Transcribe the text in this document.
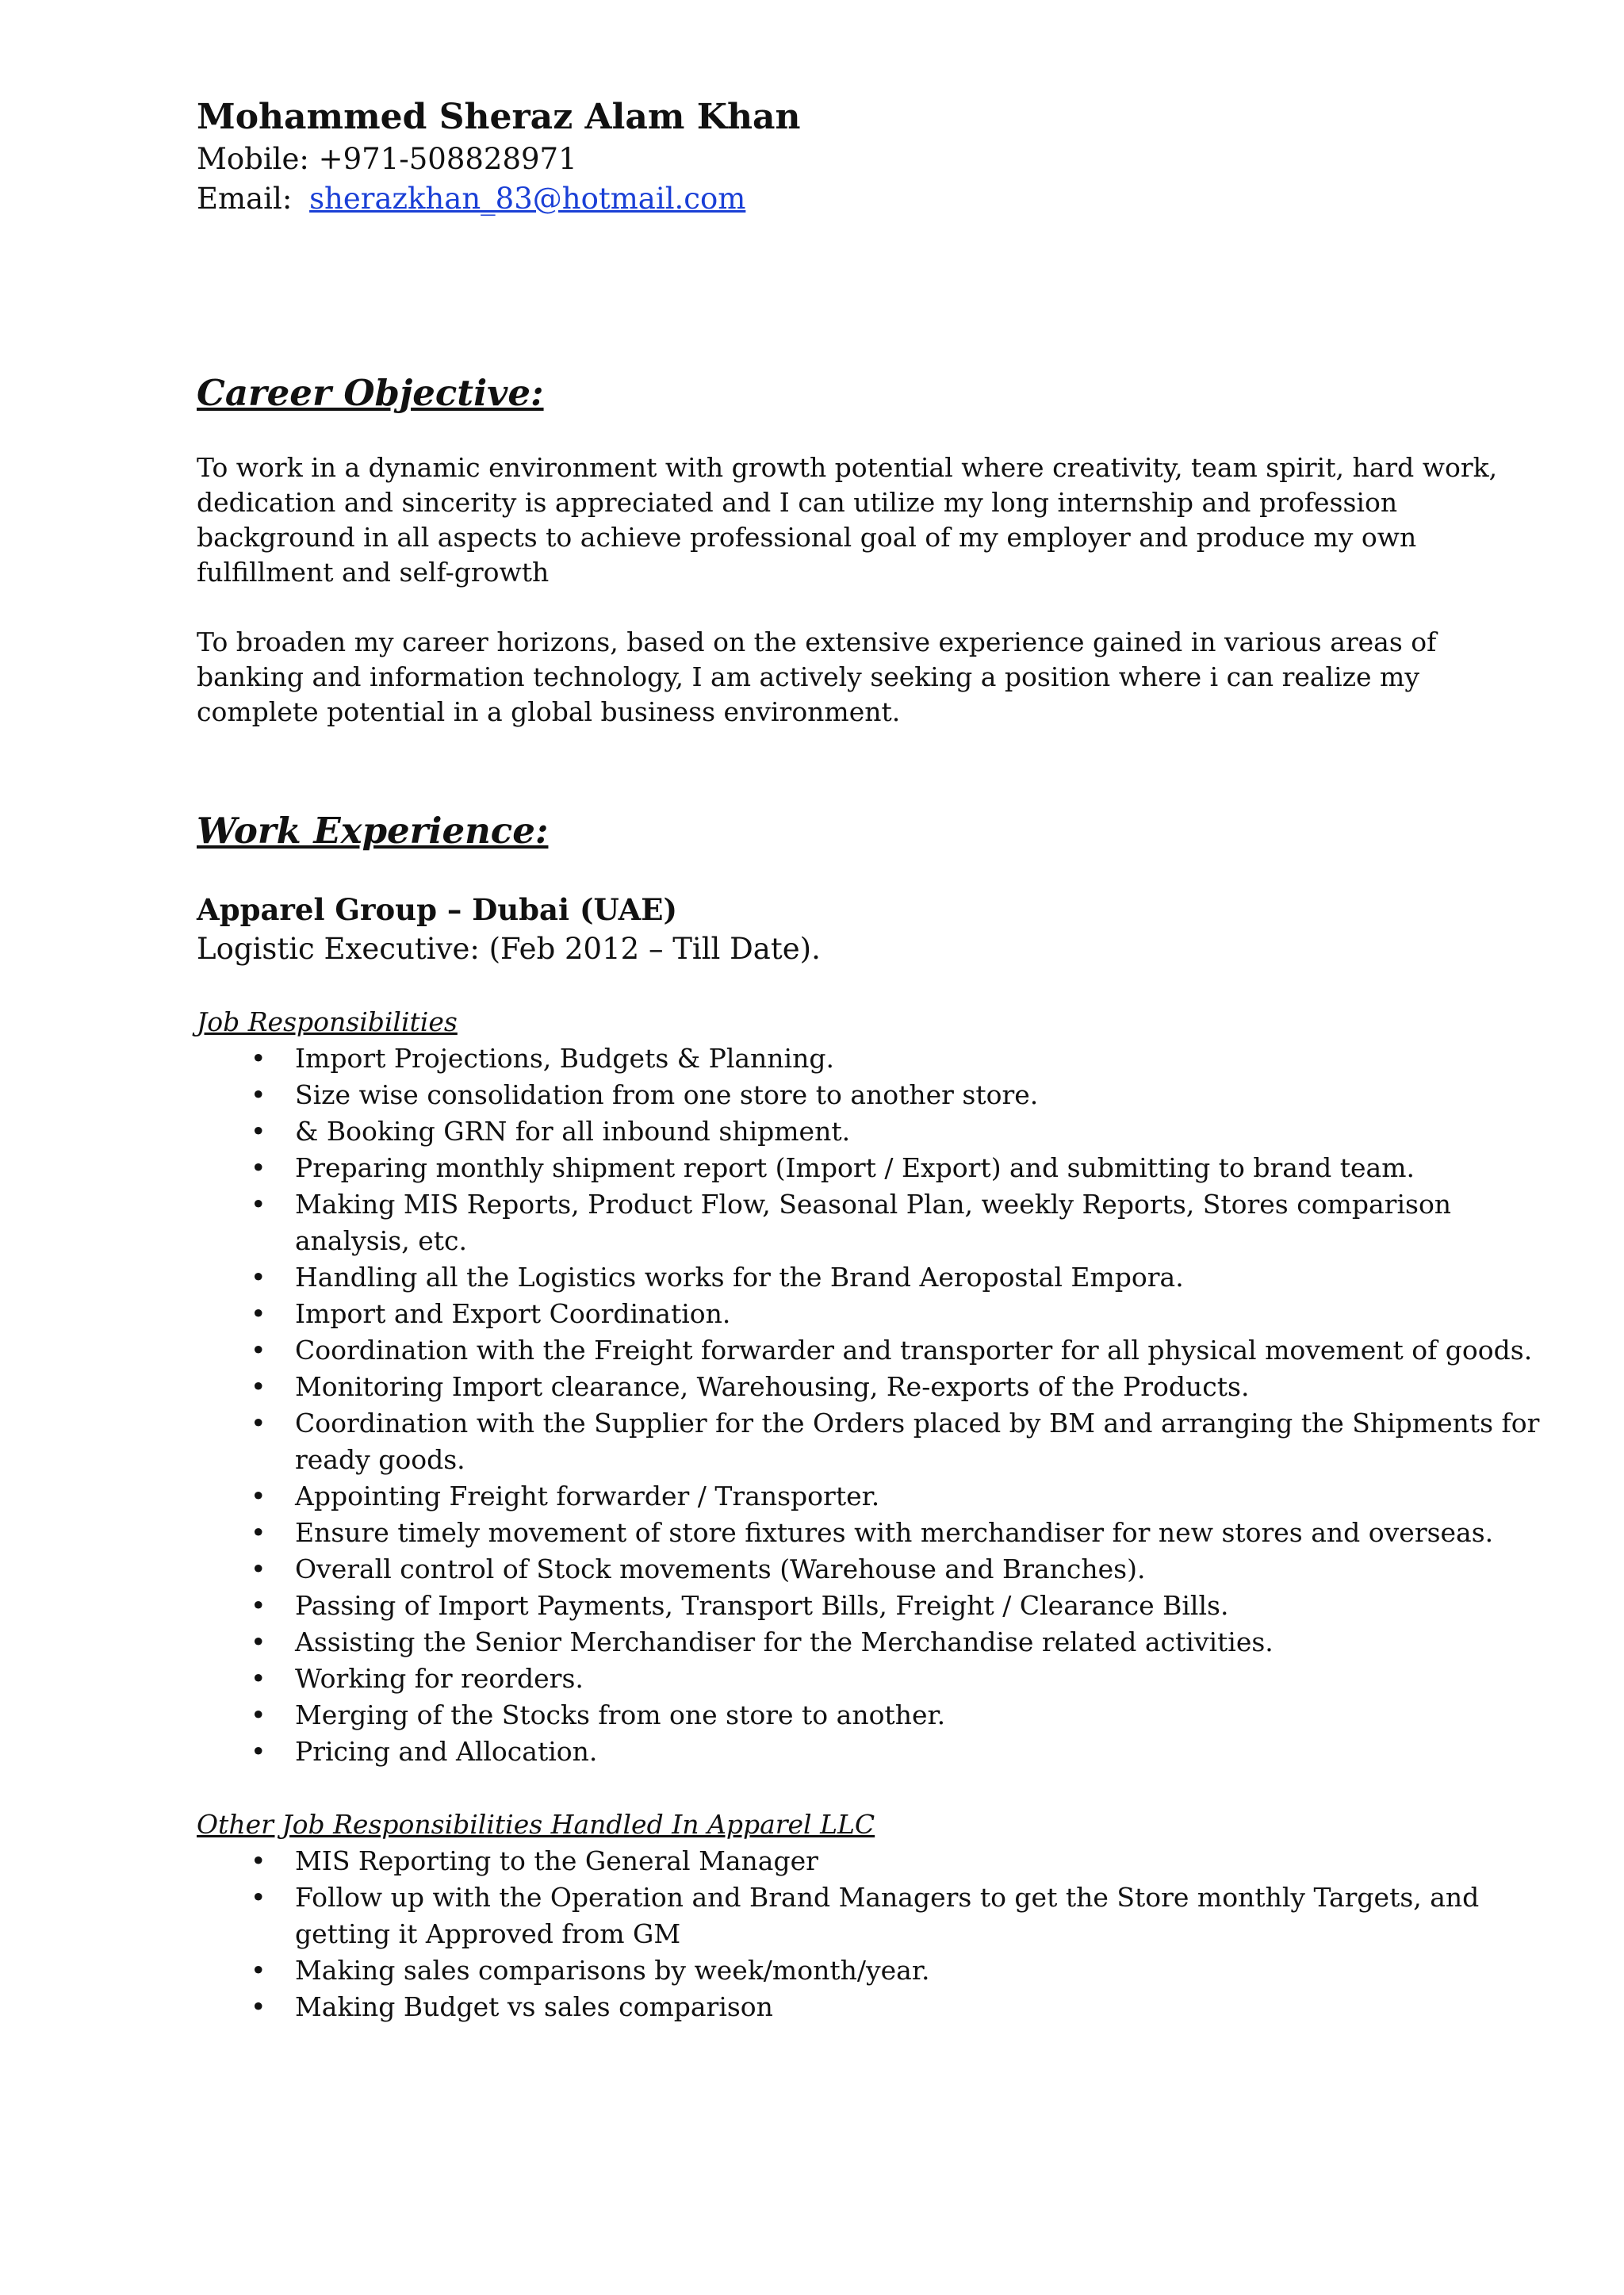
Mohammed Sheraz Alam Khan

Mobile: +971-508828971

Email: sherazkhan_83@hotmail.com

Career Objective:

To work in a dynamic environment with growth potential where creativity, team spirit, hard work, dedication and sincerity is appreciated and I can utilize my long internship and profession background in all aspects to achieve professional goal of my employer and produce my own fulfillment and self-growth

To broaden my career horizons, based on the extensive experience gained in various areas of banking and information technology, I am actively seeking a position where i can realize my complete potential in a global business environment.

Work Experience:

Apparel Group – Dubai (UAE)

Logistic Executive: (Feb 2012 – Till Date).

Job Responsibilities

• Import Projections, Budgets & Planning.
• Size wise consolidation from one store to another store.
• & Booking GRN for all inbound shipment.
• Preparing monthly shipment report (Import / Export) and submitting to brand team.
• Making MIS Reports, Product Flow, Seasonal Plan, weekly Reports, Stores comparison analysis, etc.
• Handling all the Logistics works for the Brand Aeropostal Empora.
• Import and Export Coordination.
• Coordination with the Freight forwarder and transporter for all physical movement of goods.
• Monitoring Import clearance, Warehousing, Re-exports of the Products.
• Coordination with the Supplier for the Orders placed by BM and arranging the Shipments for ready goods.
• Appointing Freight forwarder / Transporter.
• Ensure timely movement of store fixtures with merchandiser for new stores and overseas.
• Overall control of Stock movements (Warehouse and Branches).
• Passing of Import Payments, Transport Bills, Freight / Clearance Bills.
• Assisting the Senior Merchandiser for the Merchandise related activities.
• Working for reorders.
• Merging of the Stocks from one store to another.
• Pricing and Allocation.

Other Job Responsibilities Handled In Apparel LLC

• MIS Reporting to the General Manager
• Follow up with the Operation and Brand Managers to get the Store monthly Targets, and getting it Approved from GM
• Making sales comparisons by week/month/year.
• Making Budget vs sales comparison
